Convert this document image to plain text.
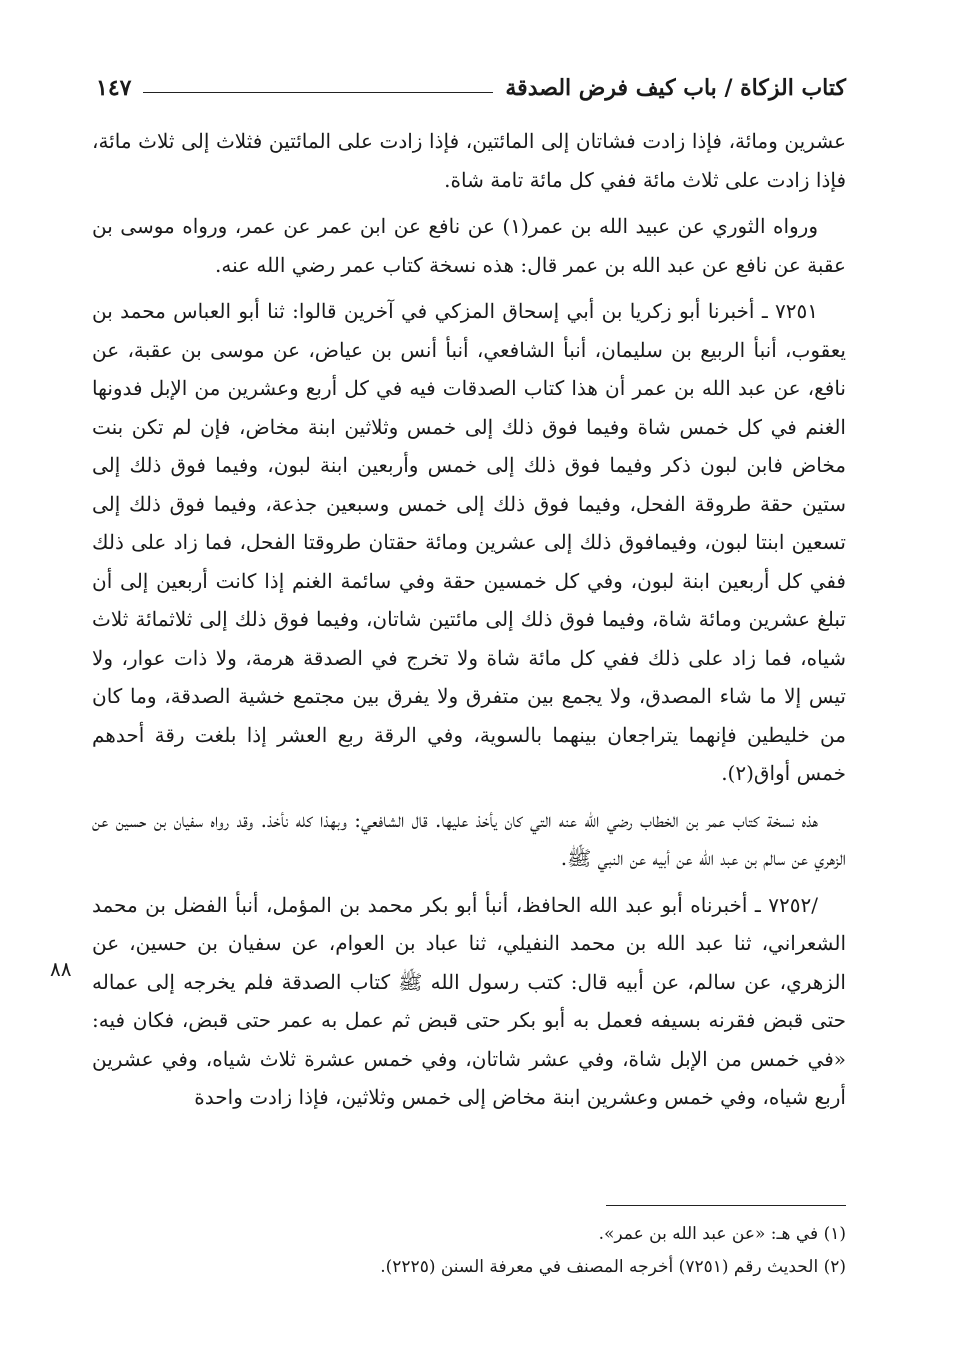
كتاب الزكاة / باب كيف فرض الصدقة
١٤٧

عشرين ومائة، فإذا زادت فشاتان إلى المائتين، فإذا زادت على المائتين فثلاث إلى ثلاث مائة، فإذا زادت على ثلاث مائة ففي كل مائة تامة شاة.

ورواه الثوري عن عبيد الله بن عمر(١) عن نافع عن ابن عمر عن عمر، ورواه موسى بن عقبة عن نافع عن عبد الله بن عمر قال: هذه نسخة كتاب عمر رضي الله عنه.

٧٢٥١ ـ أخبرنا أبو زكريا بن أبي إسحاق المزكي في آخرين قالوا: ثنا أبو العباس محمد بن يعقوب، أنبأ الربيع بن سليمان، أنبأ الشافعي، أنبأ أنس بن عياض، عن موسى بن عقبة، عن نافع، عن عبد الله بن عمر أن هذا كتاب الصدقات فيه في كل أربع وعشرين من الإبل فدونها الغنم في كل خمس شاة وفيما فوق ذلك إلى خمس وثلاثين ابنة مخاض، فإن لم تكن بنت مخاض فابن لبون ذكر وفيما فوق ذلك إلى خمس وأربعين ابنة لبون، وفيما فوق ذلك إلى ستين حقة طروقة الفحل، وفيما فوق ذلك إلى خمس وسبعين جذعة، وفيما فوق ذلك إلى تسعين ابنتا لبون، وفيمافوق ذلك إلى عشرين ومائة حقتان طروقتا الفحل، فما زاد على ذلك ففي كل أربعين ابنة لبون، وفي كل خمسين حقة وفي سائمة الغنم إذا كانت أربعين إلى أن تبلغ عشرين ومائة شاة، وفيما فوق ذلك إلى مائتين شاتان، وفيما فوق ذلك إلى ثلاثمائة ثلاث شياه، فما زاد على ذلك ففي كل مائة شاة ولا تخرج في الصدقة هرمة، ولا ذات عوار، ولا تيس إلا ما شاء المصدق، ولا يجمع بين متفرق ولا يفرق بين مجتمع خشية الصدقة، وما كان من خليطين فإنهما يتراجعان بينهما بالسوية، وفي الرقة ربع العشر إذا بلغت رقة أحدهم خمس أواق(٢).

هذه نسخة كتاب عمر بن الخطاب رضي الله عنه التي كان يأخذ عليها. قال الشافعي: وبهذا كله نأخذ. وقد رواه سفيان بن حسين عن الزهري عن سالم بن عبد الله عن أبيه عن النبي ﷺ.

/٧٢٥٢ ـ أخبرناه أبو عبد الله الحافظ، أنبأ أبو بكر محمد بن المؤمل، أنبأ الفضل بن محمد الشعراني، ثنا عبد الله بن محمد النفيلي، ثنا عباد بن العوام، عن سفيان بن حسين، عن الزهري، عن سالم، عن أبيه قال: كتب رسول الله ﷺ كتاب الصدقة فلم يخرجه إلى عماله حتى قبض فقرنه بسيفه فعمل به أبو بكر حتى قبض ثم عمل به عمر حتى قبض، فكان فيه: «في خمس من الإبل شاة، وفي عشر شاتان، وفي خمس عشرة ثلاث شياه، وفي عشرين أربع شياه، وفي خمس وعشرين ابنة مخاض إلى خمس وثلاثين، فإذا زادت واحدة

٨٨
(١) في هـ: «عن عبد الله بن عمر».
(٢) الحديث رقم (٧٢٥١) أخرجه المصنف في معرفة السنن (٢٢٢٥).
